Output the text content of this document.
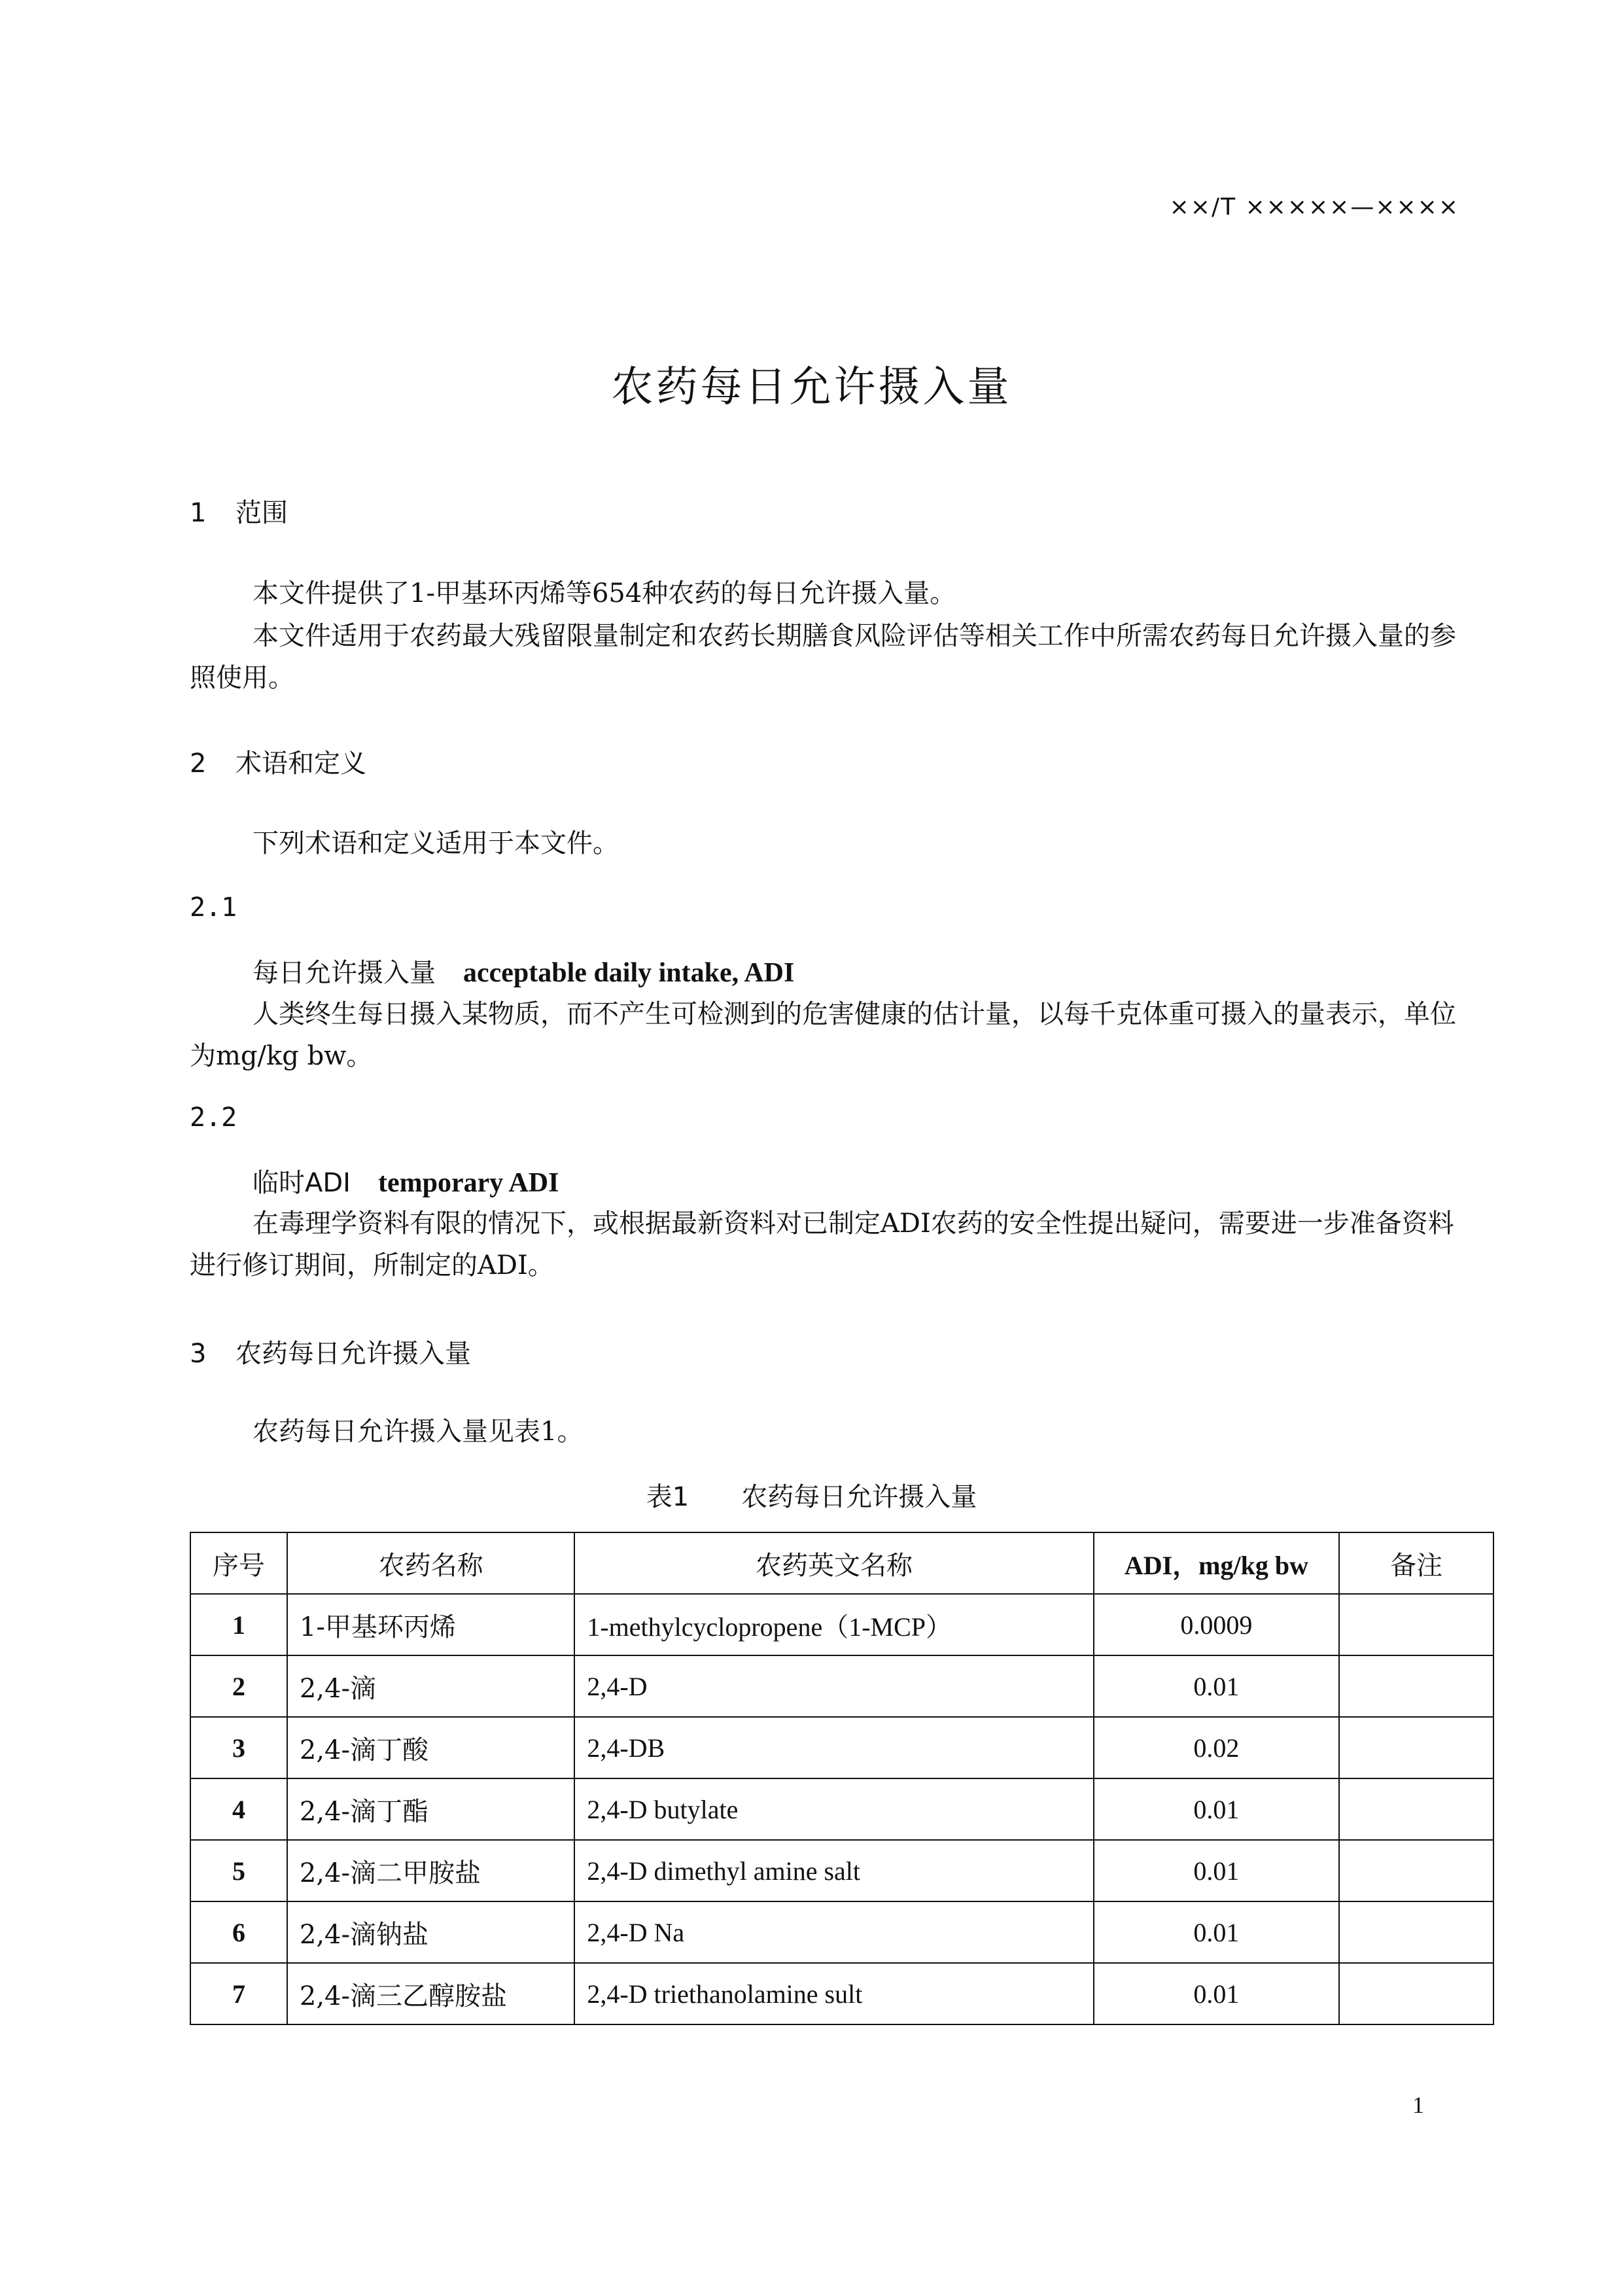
××/T ×××××—××××
农药每日允许摄入量
1 范围

本文件提供了1-甲基环丙烯等654种农药的每日允许摄入量。

本文件适用于农药最大残留限量制定和农药长期膳食风险评估等相关工作中所需农药每日允许摄入量的参照使用。

2 术语和定义

下列术语和定义适用于本文件。

2.1
每日允许摄入量 acceptable daily intake, ADI

人类终生每日摄入某物质，而不产生可检测到的危害健康的估计量，以每千克体重可摄入的量表示，单位为mg/kg bw。

2.2
临时ADI temporary ADI

在毒理学资料有限的情况下，或根据最新资料对已制定ADI农药的安全性提出疑问，需要进一步准备资料进行修订期间，所制定的ADI。

3 农药每日允许摄入量

农药每日允许摄入量见表1。

表1 农药每日允许摄入量
序号	农药名称	农药英文名称	ADI，mg/kg bw	备注
1	1-甲基环丙烯	1-methylcyclopropene（1-MCP）	0.0009	
2	2,4-滴	2,4-D	0.01	
3	2,4-滴丁酸	2,4-DB	0.02	
4	2,4-滴丁酯	2,4-D butylate	0.01	
5	2,4-滴二甲胺盐	2,4-D dimethyl amine salt	0.01	
6	2,4-滴钠盐	2,4-D Na	0.01	
7	2,4-滴三乙醇胺盐	2,4-D triethanolamine sult	0.01	
1
